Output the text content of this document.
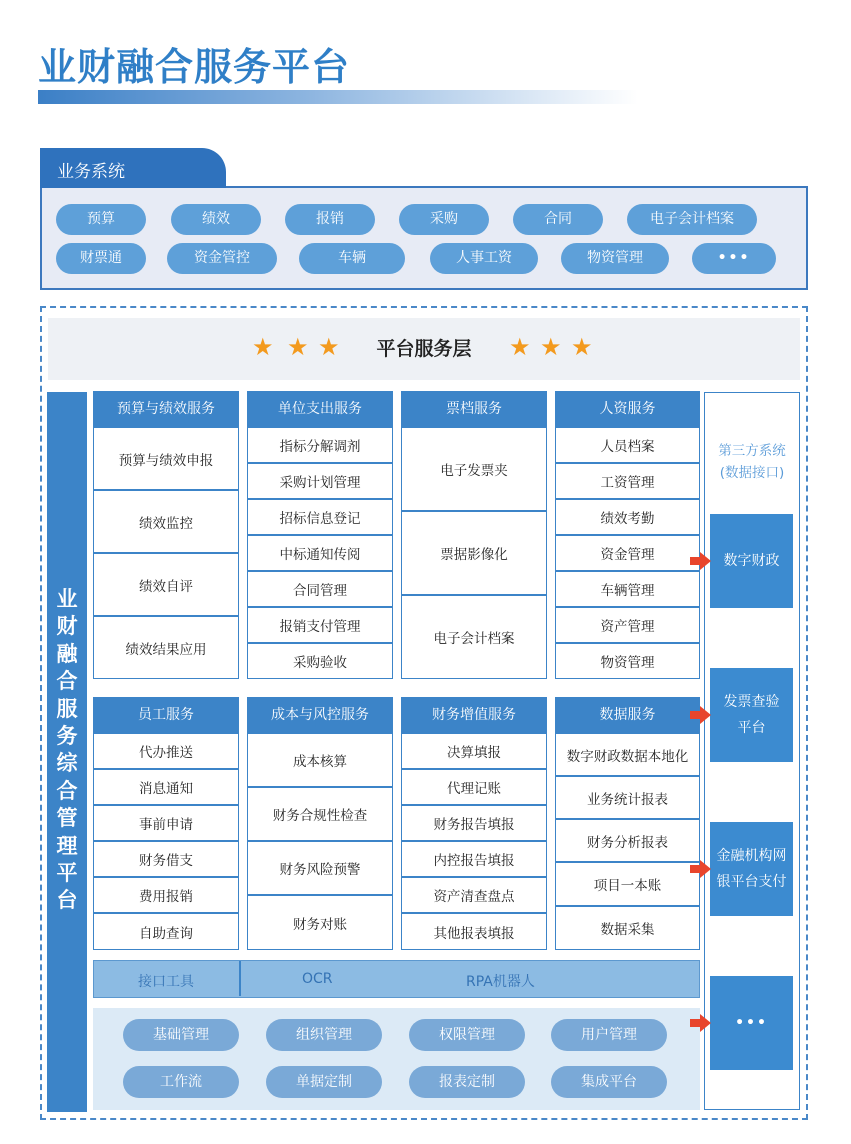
业财融合服务平台
业务系统
预算	绩效	报销	采购	合同	电子会计档案
财票通	资金管控	车辆	人事工资	物资管理	•••
★ ★ ★	平台服务层	★ ★ ★
业财融合服务综合管理平台
预算与绩效服务
预算与绩效申报
绩效监控
绩效自评
绩效结果应用
单位支出服务
指标分解调剂
采购计划管理
招标信息登记
中标通知传阅
合同管理
报销支付管理
采购验收
票档服务
电子发票夹
票据影像化
电子会计档案
人资服务
人员档案
工资管理
绩效考勤
资金管理
车辆管理
资产管理
物资管理
员工服务
代办推送
消息通知
事前申请
财务借支
费用报销
自助查询
成本与风控服务
成本核算
财务合规性检查
财务风险预警
财务对账
财务增值服务
决算填报
代理记账
财务报告填报
内控报告填报
资产清查盘点
其他报表填报
数据服务
数字财政数据本地化
业务统计报表
财务分析报表
项目一本账
数据采集
接口工具	OCR	RPA机器人
基础管理	组织管理	权限管理	用户管理
工作流	单据定制	报表定制	集成平台
第三方系统
(数据接口)
数字财政
发票查验
平台
金融机构网
银平台支付
•••
